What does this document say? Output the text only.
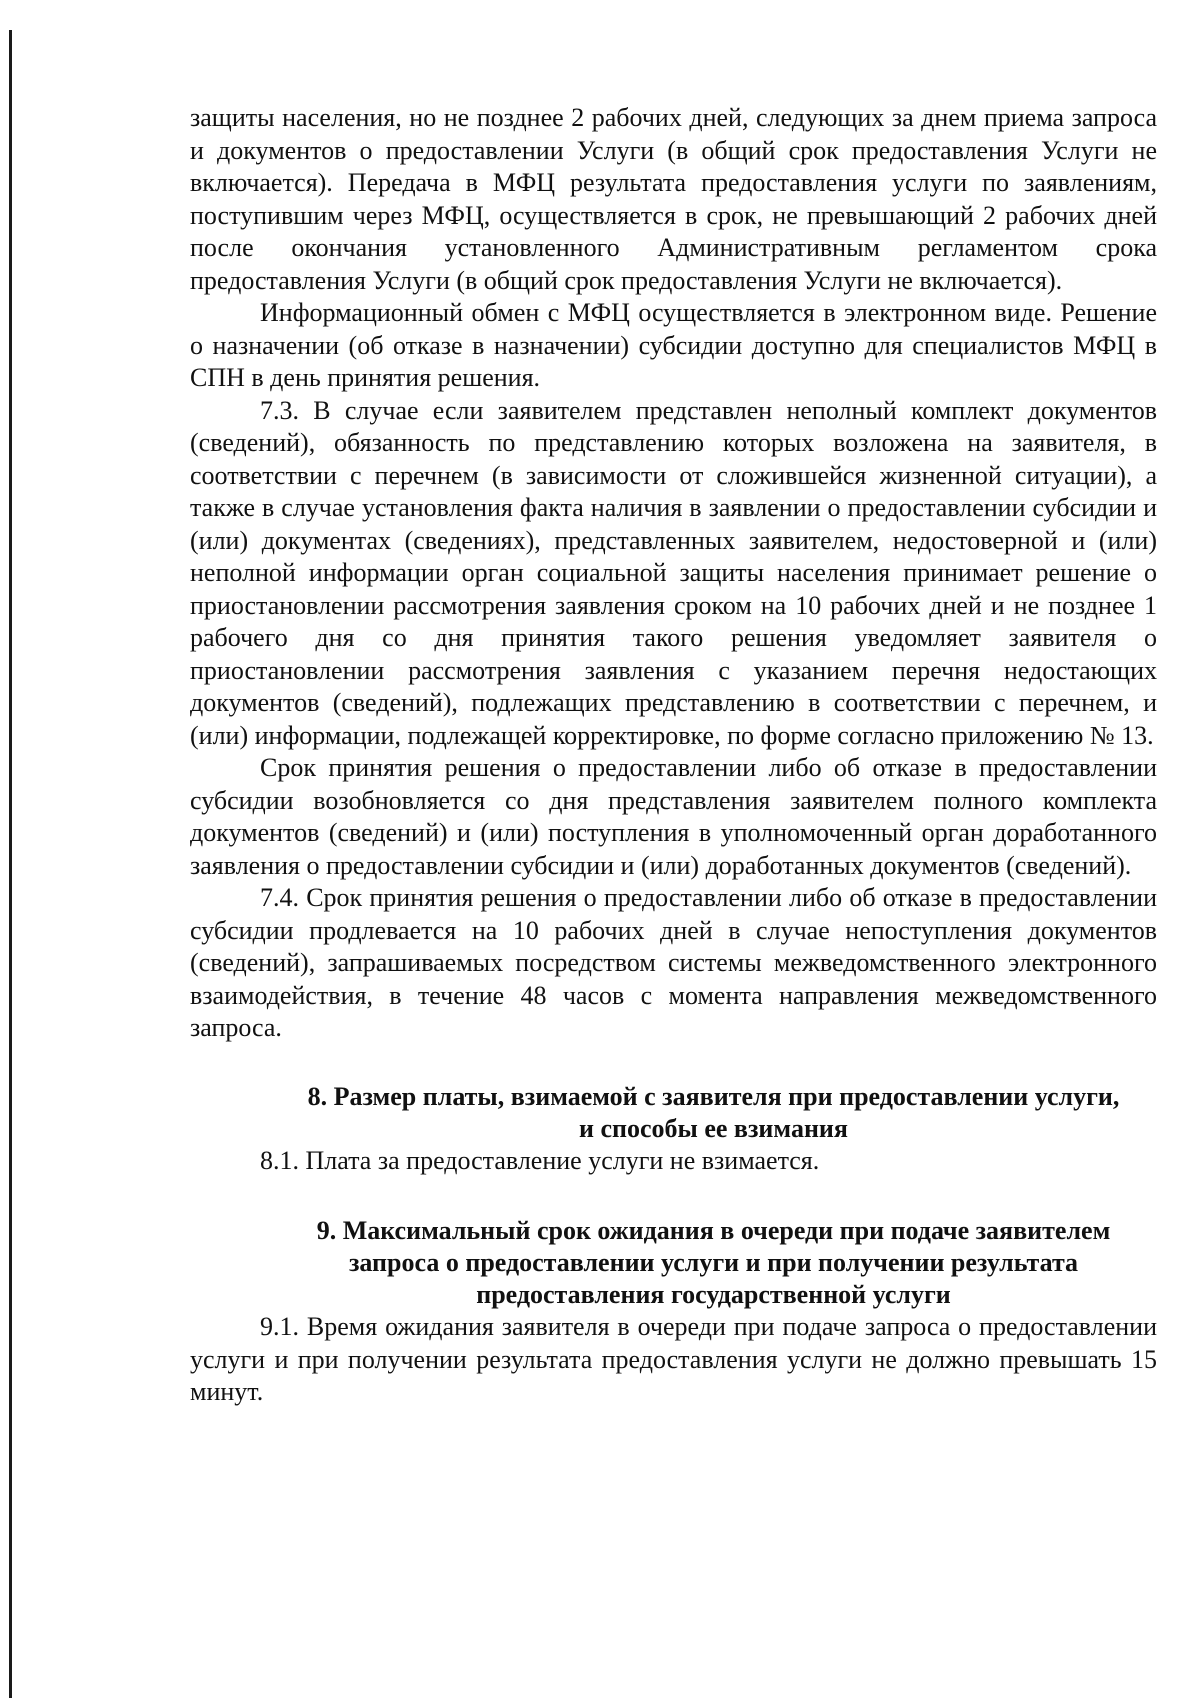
защиты населения, но не позднее 2 рабочих дней, следующих за днем приема запроса и документов о предоставлении Услуги (в общий срок предоставления Услуги не включается). Передача в МФЦ результата предоставления услуги по заявлениям, поступившим через МФЦ, осуществляется в срок, не превышающий 2 рабочих дней после окончания установленного Административным регламентом срока предоставления Услуги (в общий срок предоставления Услуги не включается).

Информационный обмен с МФЦ осуществляется в электронном виде. Решение о назначении (об отказе в назначении) субсидии доступно для специалистов МФЦ в СПН в день принятия решения.

7.3. В случае если заявителем представлен неполный комплект документов (сведений), обязанность по представлению которых возложена на заявителя, в соответствии с перечнем (в зависимости от сложившейся жизненной ситуации), а также в случае установления факта наличия в заявлении о предоставлении субсидии и (или) документах (сведениях), представленных заявителем, недостоверной и (или) неполной информации орган социальной защиты населения принимает решение о приостановлении рассмотрения заявления сроком на 10 рабочих дней и не позднее 1 рабочего дня со дня принятия такого решения уведомляет заявителя о приостановлении рассмотрения заявления с указанием перечня недостающих документов (сведений), подлежащих представлению в соответствии с перечнем, и (или) информации, подлежащей корректировке, по форме согласно приложению № 13.

Срок принятия решения о предоставлении либо об отказе в предоставлении субсидии возобновляется со дня представления заявителем полного комплекта документов (сведений) и (или) поступления в уполномоченный орган доработанного заявления о предоставлении субсидии и (или) доработанных документов (сведений).

7.4. Срок принятия решения о предоставлении либо об отказе в предоставлении субсидии продлевается на 10 рабочих дней в случае непоступления документов (сведений), запрашиваемых посредством системы межведомственного электронного взаимодействия, в течение 48 часов с момента направления межведомственного запроса.

8. Размер платы, взимаемой с заявителя при предоставлении услуги,
и способы ее взимания

8.1. Плата за предоставление услуги не взимается.

9. Максимальный срок ожидания в очереди при подаче заявителем
запроса о предоставлении услуги и при получении результата
предоставления государственной услуги

9.1. Время ожидания заявителя в очереди при подаче запроса о предоставлении услуги и при получении результата предоставления услуги не должно превышать 15 минут.
